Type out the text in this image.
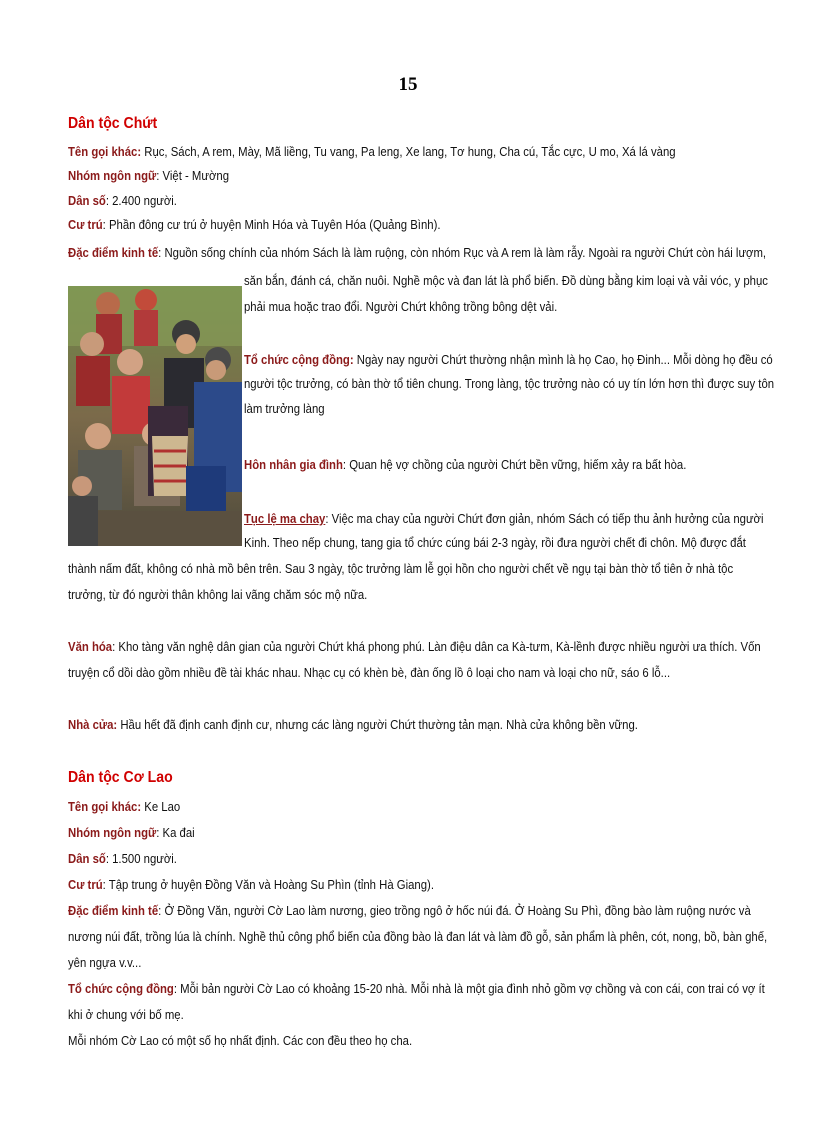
15
Dân tộc Chứt
Tên gọi khác: Rục, Sách, A rem, Mày, Mã liềng, Tu vang, Pa leng, Xe lang, Tơ hung, Cha cú, Tắc cực, U mo, Xá lá vàng
Nhóm ngôn ngữ: Việt - Mường
Dân số: 2.400 người.
Cư trú: Phần đông cư trú ở huyện Minh Hóa và Tuyên Hóa (Quảng Bình).
Đặc điểm kinh tế: Nguồn sống chính của nhóm Sách là làm ruộng, còn nhóm Rục và A rem là làm rẫy. Ngoài ra người Chứt còn hái lượm,
săn bắn, đánh cá, chăn nuôi. Nghề mộc và đan lát là phổ biến. Đồ dùng bằng kim loại và vải vóc, y phục
phải mua hoặc trao đổi. Người Chứt không trồng bông dệt vải.
Tổ chức cộng đồng: Ngày nay người Chứt thường nhận mình là họ Cao, họ Đinh... Mỗi dòng họ đều có
người tộc trưởng, có bàn thờ tổ tiên chung. Trong làng, tộc trưởng nào có uy tín lớn hơn thì được suy tôn
làm trưởng làng
Hôn nhân gia đình: Quan hệ vợ chồng của người Chứt bền vững, hiếm xảy ra bất hòa.
Tục lệ ma chay: Việc ma chay của người Chứt đơn giản, nhóm Sách có tiếp thu ảnh hưởng của người
Kinh. Theo nếp chung, tang gia tổ chức cúng bái 2-3 ngày, rồi đưa người chết đi chôn. Mộ được đắt
thành nấm đất, không có nhà mồ bên trên. Sau 3 ngày, tộc trưởng làm lễ gọi hồn cho người chết về ngụ tại bàn thờ tổ tiên ở nhà tộc
trưởng, từ đó người thân không lai vãng chăm sóc mộ nữa.
Văn hóa: Kho tàng văn nghệ dân gian của người Chứt khá phong phú. Làn điệu dân ca Kà-tưm, Kà-lềnh được nhiều người ưa thích. Vốn
truyện cổ dồi dào gồm nhiều đề tài khác nhau. Nhạc cụ có khèn bè, đàn ống lồ ô loại cho nam và loại cho nữ, sáo 6 lỗ...
Nhà cửa: Hầu hết đã định canh định cư, nhưng các làng người Chứt thường tản mạn. Nhà cửa không bền vững.
Dân tộc Cơ Lao
Tên gọi khác: Ke Lao
Nhóm ngôn ngữ: Ka đai
Dân số: 1.500 người.
Cư trú: Tập trung ở huyện Đồng Văn và Hoàng Su Phìn (tỉnh Hà Giang).
Đặc điểm kinh tế: Ở Đồng Văn, người Cờ Lao làm nương, gieo trồng ngô ở hốc núi đá. Ở Hoàng Su Phì, đồng bào làm ruộng nước và
nương núi đất, trồng lúa là chính. Nghề thủ công phổ biến của đồng bào là đan lát và làm đồ gỗ, sản phẩm là phên, cót, nong, bồ, bàn ghế,
yên ngựa v.v...
Tổ chức cộng đồng: Mỗi bản người Cờ Lao có khoảng 15-20 nhà. Mỗi nhà là một gia đình nhỏ gồm vợ chồng và con cái, con trai có vợ ít
khi ở chung với bố mẹ.
Mỗi nhóm Cờ Lao có một số họ nhất định. Các con đều theo họ cha.
